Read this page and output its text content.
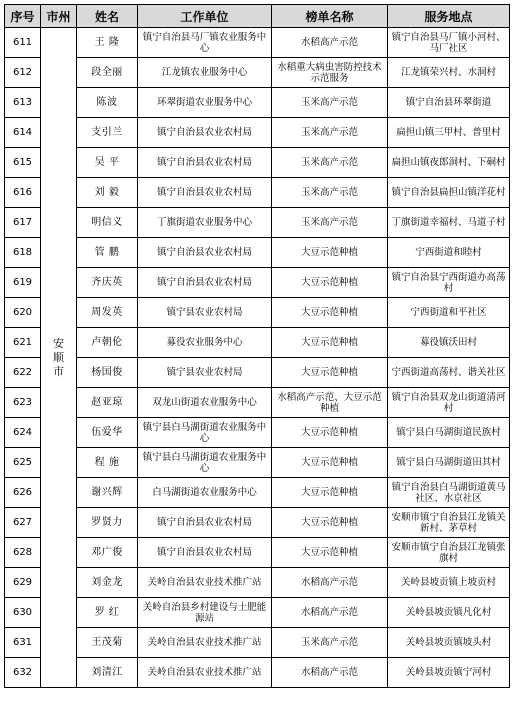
序号	市州	姓名	工作单位	榜单名称	服务地点
611	安顺市	王 隆	镇宁自治县马厂镇农业服务中心	水稻高产示范	镇宁自治县马厂镇小河村、马厂社区
612		段全丽	江龙镇农业服务中心	水稻重大病虫害防控技术示范服务	江龙镇荣兴村、水洞村
613		陈波	环翠街道农业服务中心	玉米高产示范	镇宁自治县环翠街道
614		支引兰	镇宁自治县农业农村局	玉米高产示范	扁担山镇三甲村、普里村
615		吴 平	镇宁自治县农业农村局	玉米高产示范	扁担山镇夜郎洞村、下硐村
616		刘 毅	镇宁自治县农业农村局	玉米高产示范	镇宁自治县扁担山镇洋花村
617		明信义	丁旗街道农业服务中心	玉米高产示范	丁旗街道幸福村、马道子村
618		管 鹏	镇宁自治县农业农村局	大豆示范种植	宁西街道和睦村
619		齐庆英	镇宁自治县农业农村局	大豆示范种植	镇宁自治县宁西街道办高荡村
620		周发英	镇宁县农业农村局	大豆示范种植	宁西街道和平社区
621		卢朝伦	募役农业服务中心	大豆示范种植	募役镇沃田村
622		杨国俊	镇宁县农业农村局	大豆示范种植	宁西街道高荡村、谐关社区
623		赵亚琼	双龙山街道农业服务中心	水稻高产示范、大豆示范种植	镇宁自治县双龙山街道清河村
624		伍爱华	镇宁县白马湖街道农业服务中心	大豆示范种植	镇宁县白马湖街道民族村
625		程 施	镇宁县白马湖街道农业服务中心	大豆示范种植	镇宁县白马湖街道田其村
626		谢兴辉	白马湖街道农业服务中心	大豆示范种植	镇宁自治县白马湖街道黄马社区、水京社区
627		罗贤力	镇宁自治县农业农村局	大豆示范种植	安顺市镇宁自治县江龙镇关新村、茅草村
628		邓广俊	镇宁自治县农业农村局	大豆示范种植	安顺市镇宁自治县江龙镇张旗村
629		刘金龙	关岭自治县农业技术推广站	水稻高产示范	关岭县坡贡镇上坡贡村
630		罗 红	关岭自治县乡村建设与土肥能源站	水稻高产示范	关岭县坡贡镇凡化村
631		王茂菊	关岭自治县农业技术推广站	玉米高产示范	关岭县坡贡镇坡头村
632		刘清江	关岭自治县农业技术推广站	水稻高产示范	关岭县坡贡镇宁河村
